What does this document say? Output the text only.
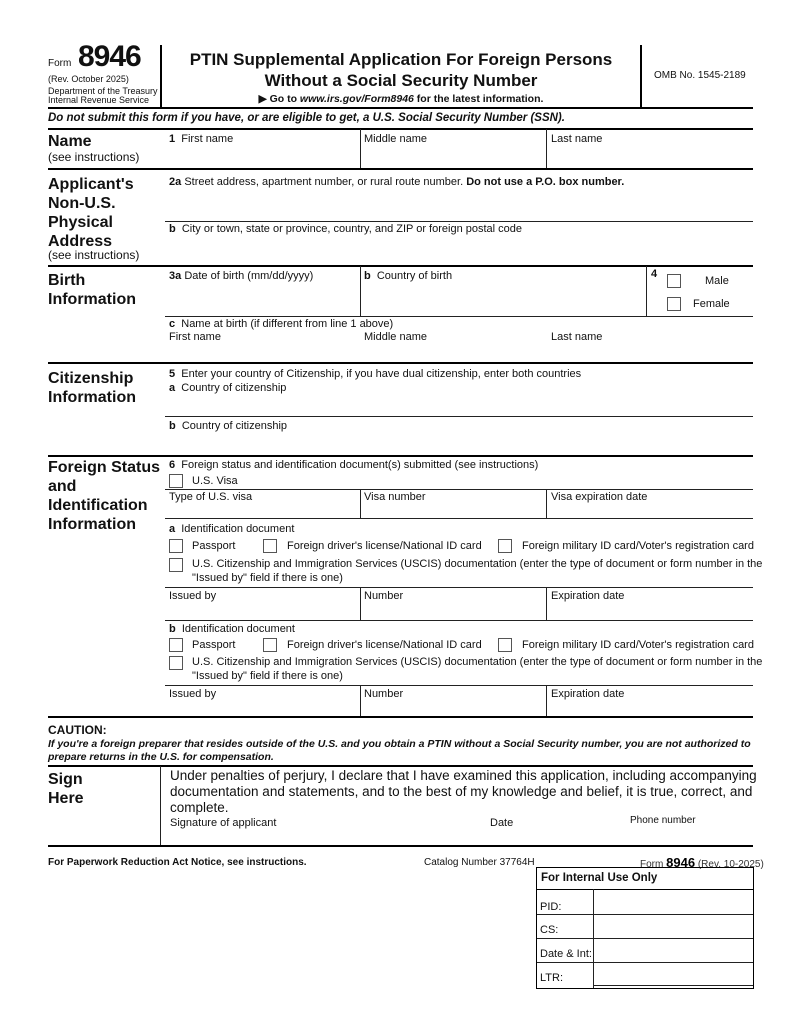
Form 8946
(Rev. October 2025)
Department of the Treasury
Internal Revenue Service
PTIN Supplemental Application For Foreign Persons
Without a Social Security Number
▶ Go to www.irs.gov/Form8946 for the latest information.
OMB No. 1545-2189
Do not submit this form if you have, or are eligible to get, a U.S. Social Security Number (SSN).
Name
(see instructions)
1 First name	Middle name	Last name
Applicant's
Non-U.S.
Physical
Address
(see instructions)
2a Street address, apartment number, or rural route number. Do not use a P.O. box number.
b City or town, state or province, country, and ZIP or foreign postal code
Birth
Information
3a Date of birth (mm/dd/yyyy)	b Country of birth	4
Male
Female
c Name at birth (if different from line 1 above)
First name	Middle name	Last name
Citizenship
Information
5 Enter your country of Citizenship, if you have dual citizenship, enter both countries
a Country of citizenship
b Country of citizenship
Foreign Status
and
Identification
Information
6 Foreign status and identification document(s) submitted (see instructions)
U.S. Visa
Type of U.S. visa	Visa number	Visa expiration date
a Identification document
Passport	Foreign driver's license/National ID card	Foreign military ID card/Voter's registration card
U.S. Citizenship and Immigration Services (USCIS) documentation (enter the type of document or form number in the
"Issued by" field if there is one)
Issued by	Number	Expiration date
b Identification document
Passport	Foreign driver's license/National ID card	Foreign military ID card/Voter's registration card
U.S. Citizenship and Immigration Services (USCIS) documentation (enter the type of document or form number in the
"Issued by" field if there is one)
Issued by	Number	Expiration date
CAUTION:
If you're a foreign preparer that resides outside of the U.S. and you obtain a PTIN without a Social Security number, you are not authorized to
prepare returns in the U.S. for compensation.
Sign
Here
Under penalties of perjury, I declare that I have examined this application, including accompanying
documentation and statements, and to the best of my knowledge and belief, it is true, correct, and
complete.
Signature of applicant	Date	Phone number
For Paperwork Reduction Act Notice, see instructions.	Catalog Number 37764H	Form 8946 (Rev. 10-2025)
For Internal Use Only
PID:
CS:
Date & Int:
LTR:
